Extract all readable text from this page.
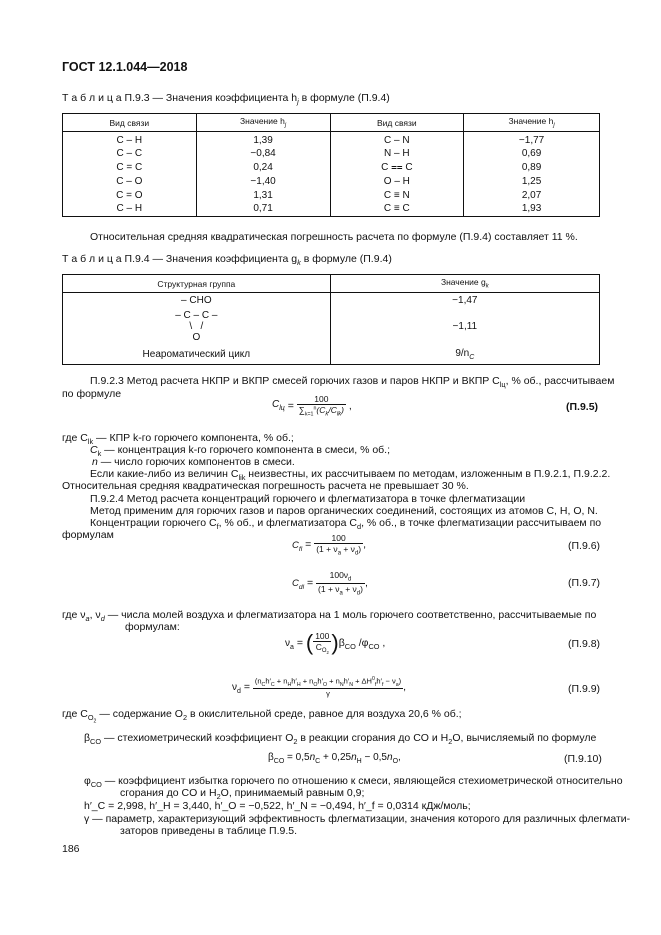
ГОСТ 12.1.044—2018
Т а б л и ц а П.9.3 — Значения коэффициента $h_j$ в формуле (П.9.4)
Вид связи	Значение $h_j$	Вид связи	Значение $h_j$
С – Н	1,39	С – N	−1,77
С – С	−0,84	N – Н	0,69
С = С	0,24	С ⩵ С	0,89
С – О	−1,40	О – Н	1,25
С = О	1,31	С ≡ N	2,07
С – Н	0,71	С ≡ С	1,93
Относительная средняя квадратическая погрешность расчета по формуле (П.9.4) составляет 11 %.
Т а б л и ц а П.9.4 — Значения коэффициента $g_k$ в формуле (П.9.4)
Структурная группа	Значение $g_k$
– CHO	−1,47

– C – C –
\   /
O	−1,11
Неароматический цикл	$9/n_C$
П.9.2.3 Метод расчета НКПР и ВКПР смесей горючих газов и паров НКПР и ВКПР $C_{lц}$, % об., рассчитываем
по формуле
$C_{lц} = \frac{100}{\sum_{k=1}^n(C_k/C_{lk})}$ ,	(П.9.5)
где $C_{lk}$ — КПР k-го горючего компонента, % об.;
$C_k$ — концентрация k-го горючего компонента в смеси, % об.;
n — число горючих компонентов в смеси.
Если какие-либо из величин $C_{lik}$ неизвестны, их рассчитываем по методам, изложенным в П.9.2.1, П.9.2.2.
Относительная средняя квадратическая погрешность расчета не превышает 30 %.
П.9.2.4 Метод расчета концентраций горючего и флегматизатора в точке флегматизации
Метод применим для горючих газов и паров органических соединений, состоящих из атомов С, Н, О, N.
Концентрации горючего $C_f$, % об., и флегматизатора $C_d$, % об., в точке флегматизации рассчитываем по
формулам
$C_{fl} = \frac{100}{(1 + \nu_a + \nu_d)}$ ,	(П.9.6)
$C_{dl} = \frac{100\nu_d}{(1 + \nu_a + \nu_d)}$ ,	(П.9.7)
где $\nu_a$, $\nu_d$ — числа молей воздуха и флегматизатора на 1 моль горючего соответственно, рассчитываемые по
формулам:
$\nu_a$ = ( $\frac{100}{C_{O_2}} )\beta_{CO}$ $/\varphi_{CO}$ ,	(П.9.8)
$\nu_d = \frac{(n_Ch'_C + n_Hh'_H + n_Oh'_O + n_Nh'_N + \Delta H^0_fh'_f - \nu_a)}{\gamma}$ ,	(П.9.9)
где $C_{O_2}$ — содержание $O_2$ в окислительной среде, равное для воздуха 20,6 % об.;
$\beta_{CO}$ — стехиометрический коэффициент $O_2$ в реакции сгорания до CO и $H_2O$, вычисляемый по формуле
$\beta_{CO} = 0,5n_C + 0,25n_H - 0,5n_O$,	(П.9.10)
$\varphi_{CO}$ — коэффициент избытка горючего по отношению к смеси, являющейся стехиометрической относительно
сгорания до CO и $H_2O$, принимаемый равным 0,9;
h′_C = 2,998, h′_H = 3,440, h′_O = −0,522, h′_N = −0,494, h′_f = 0,0314 кДж/моль;
γ — параметр, характеризующий эффективность флегматизации, значения которого для различных флегмати-
заторов приведены в таблице П.9.5.
186
